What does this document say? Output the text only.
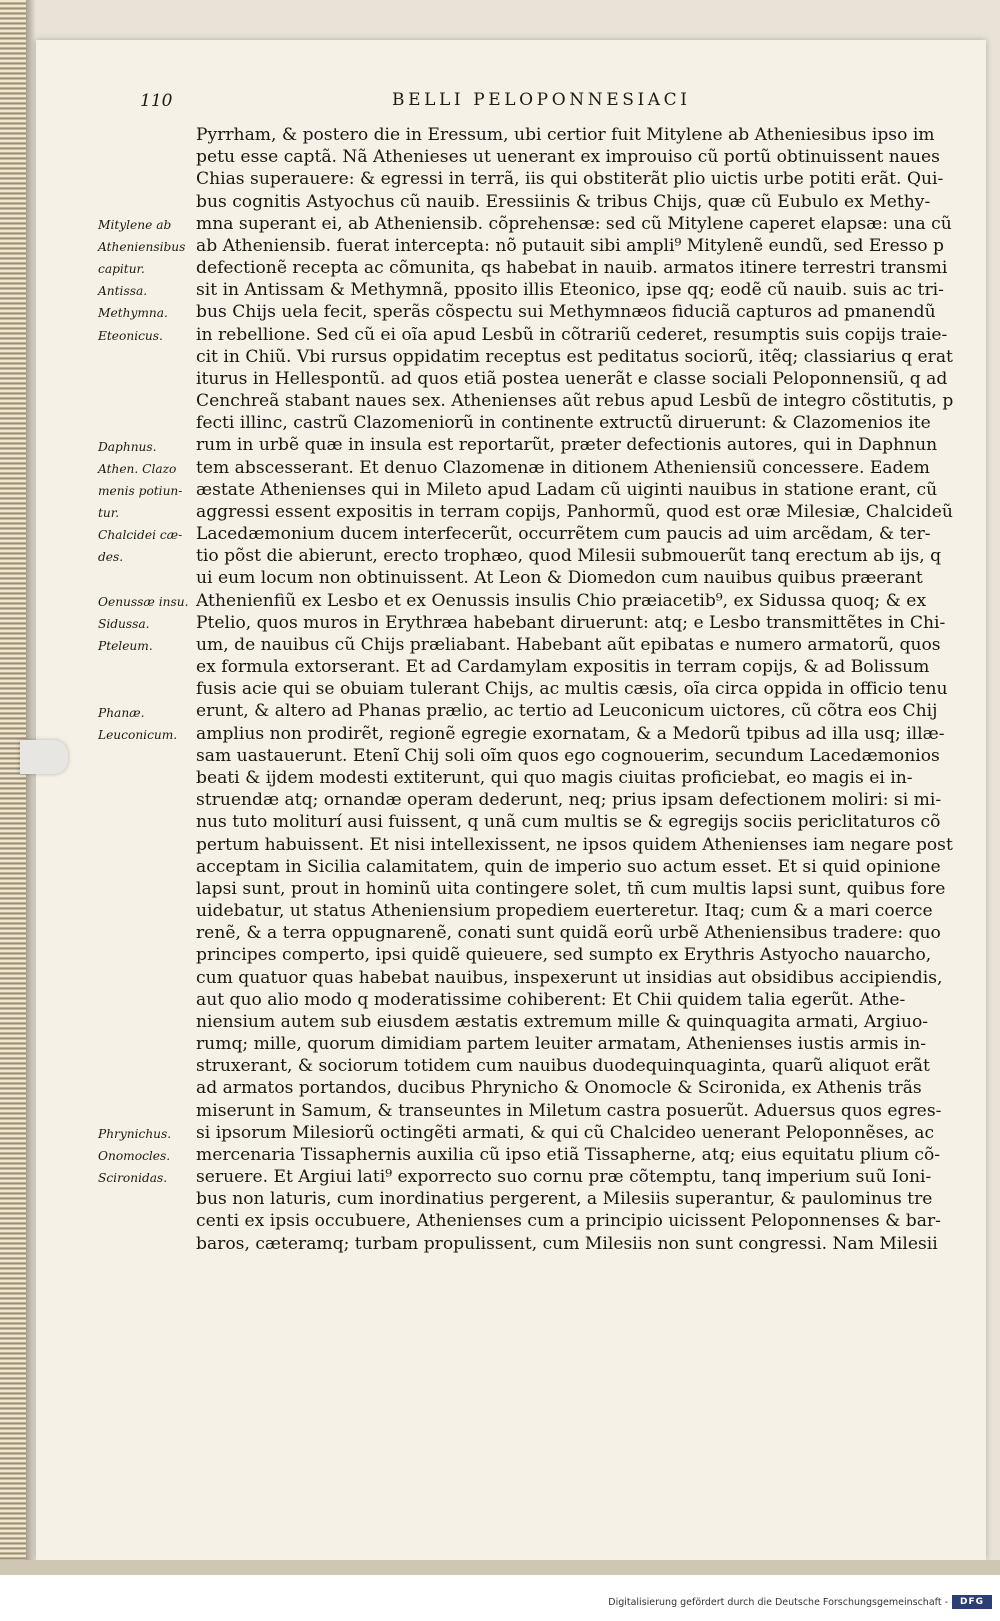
110	BELLI PELOPONNESIACI
Pyrrham, & postero die in Eressum, ubi certior fuit Mitylene ab Atheniesibus ipso im
petu esse captã. Nã Athenieses ut uenerant ex improuiso cũ portũ obtinuissent naues
Chias superauere: & egressi in terrã, iis qui obstiterãt plio uictis urbe potiti erãt. Qui-
bus cognitis Astyochus cũ nauib. Eressiinis & tribus Chijs, quæ cũ Eubulo ex Methy-
mna superant ei, ab Atheniensib. cõprehensæ: sed cũ Mitylene caperet elapsæ: una cũ
ab Atheniensib. fuerat intercepta: nõ putauit sibi ampli⁹ Mitylenẽ eundũ, sed Eresso p
defectionẽ recepta ac cõmunita, qs habebat in nauib. armatos itinere terrestri transmi
sit in Antissam & Methymnã, pposito illis Eteonico, ipse qq; eodẽ cũ nauib. suis ac tri-
bus Chijs uela fecit, sperãs cõspectu sui Methymnæos fiduciã capturos ad pmanendũ
in rebellione. Sed cũ ei oĩa apud Lesbũ in cõtrariũ cederet, resumptis suis copijs traie-
cit in Chiũ. Vbi rursus oppidatim receptus est peditatus sociorũ, itẽq; classiarius q erat
iturus in Hellespontũ. ad quos etiã postea uenerãt e classe sociali Peloponnensiũ, q ad
Cenchreã stabant naues sex. Athenienses aũt rebus apud Lesbũ de integro cõstitutis, p
fecti illinc, castrũ Clazomeniorũ in continente extructũ diruerunt: & Clazomenios ite
rum in urbẽ quæ in insula est reportarũt, præter defectionis autores, qui in Daphnun
tem abscesserant. Et denuo Clazomenæ in ditionem Atheniensiũ concessere. Eadem
æstate Athenienses qui in Mileto apud Ladam cũ uiginti nauibus in statione erant, cũ
aggressi essent expositis in terram copijs, Panhormũ, quod est oræ Milesiæ, Chalcideũ
Lacedæmonium ducem interfecerũt, occurrẽtem cum paucis ad uim arcẽdam, & ter-
tio põst die abierunt, erecto trophæo, quod Milesii submouerũt tanq erectum ab ijs, q
ui eum locum non obtinuissent. At Leon & Diomedon cum nauibus quibus præerant
Athenienfiũ ex Lesbo et ex Oenussis insulis Chio præiacetib⁹, ex Sidussa quoq; & ex
Ptelio, quos muros in Erythræa habebant diruerunt: atq; e Lesbo transmittẽtes in Chi-
um, de nauibus cũ Chijs præliabant. Habebant aũt epibatas e numero armatorũ, quos
ex formula extorserant. Et ad Cardamylam expositis in terram copijs, & ad Bolissum
fusis acie qui se obuiam tulerant Chijs, ac multis cæsis, oĩa circa oppida in officio tenu
erunt, & altero ad Phanas prælio, ac tertio ad Leuconicum uictores, cũ cõtra eos Chij
amplius non prodirẽt, regionẽ egregie exornatam, & a Medorũ tpibus ad illa usq; illæ-
sam uastauerunt. Etenĩ Chij soli oĩm quos ego cognouerim, secundum Lacedæmonios
beati & ijdem modesti extiterunt, qui quo magis ciuitas proficiebat, eo magis ei in-
struendæ atq; ornandæ operam dederunt, neq; prius ipsam defectionem moliri: si mi-
nus tuto moliturí ausi fuissent, q unã cum multis se & egregijs sociis periclitaturos cõ
pertum habuissent. Et nisi intellexissent, ne ipsos quidem Athenienses iam negare post
acceptam in Sicilia calamitatem, quin de imperio suo actum esset. Et si quid opinione
lapsi sunt, prout in hominũ uita contingere solet, tñ cum multis lapsi sunt, quibus fore
uidebatur, ut status Atheniensium propediem euerteretur. Itaq; cum & a mari coerce
renẽ, & a terra oppugnarenẽ, conati sunt quidã eorũ urbẽ Atheniensibus tradere: quo
principes comperto, ipsi quidẽ quieuere, sed sumpto ex Erythris Astyocho nauarcho,
cum quatuor quas habebat nauibus, inspexerunt ut insidias aut obsidibus accipiendis,
aut quo alio modo q moderatissime cohiberent: Et Chii quidem talia egerũt. Athe-
niensium autem sub eiusdem æstatis extremum mille & quinquagita armati, Argiuo-
rumq; mille, quorum dimidiam partem leuiter armatam, Athenienses iustis armis in-
struxerant, & sociorum totidem cum nauibus duodequinquaginta, quarũ aliquot erãt
ad armatos portandos, ducibus Phrynicho & Onomocle & Scironida, ex Athenis trãs
miserunt in Samum, & transeuntes in Miletum castra posuerũt. Aduersus quos egres-
si ipsorum Milesiorũ octingẽti armati, & qui cũ Chalcideo uenerant Peloponnẽses, ac
mercenaria Tissaphernis auxilia cũ ipso etiã Tissapherne, atq; eius equitatu plium cõ-
seruere. Et Argiui lati⁹ exporrecto suo cornu præ cõtemptu, tanq imperium suũ Ioni-
bus non laturis, cum inordinatius pergerent, a Milesiis superantur, & paulominus tre
centi ex ipsis occubuere, Athenienses cum a principio uicissent Peloponnenses & bar-
baros, cæteramq; turbam propulissent, cum Milesiis non sunt congressi. Nam Milesii
Mitylene ab
Atheniensibus
capitur.
Antissa.
Methymna.
Eteonicus.
Daphnus.
Athen. Clazo
menis potiun-
tur.
Chalcidei cæ-
des.
Oenussæ insu.
Sidussa.
Pteleum.
Phanæ.
Leuconicum.
Phrynichus.
Onomocles.
Scironidas.
Digitalisierung gefördert durch die Deutsche Forschungsgemeinschaft -	DFG
